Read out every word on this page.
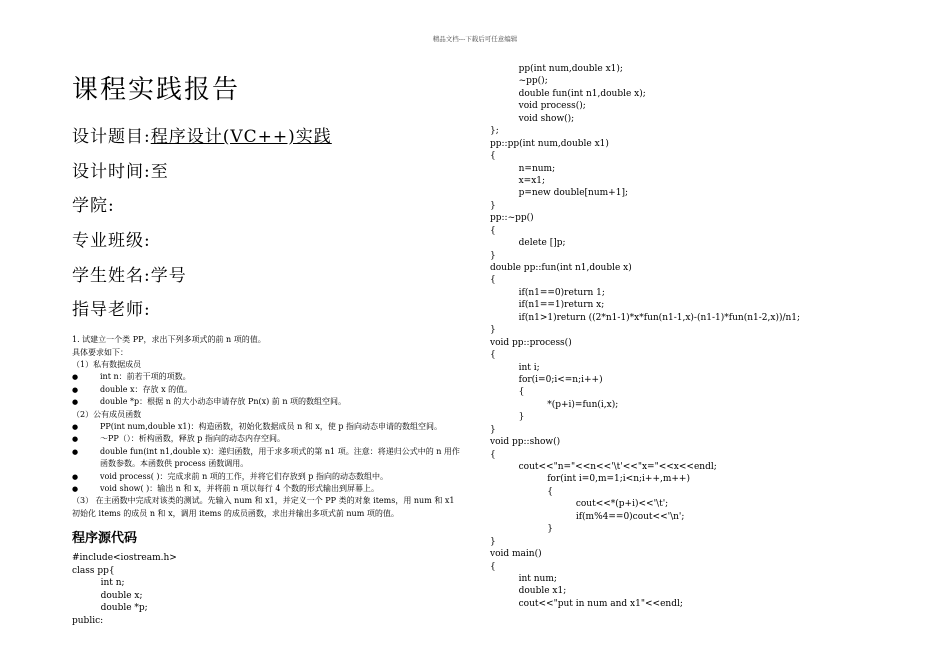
精品文档---下载后可任意编辑
课程实践报告
设计题目:程序设计(VC++)实践
设计时间:至
学院:
专业班级:
学生姓名:学号
指导老师:

1. 试建立一个类 PP，求出下列多项式的前 n 项的值。

具体要求如下：

（1）私有数据成员

● int n：前若干项的项数。

● double x：存放 x 的值。

● double *p：根据 n 的大小动态申请存放 Pn(x) 前 n 项的数组空间。

（2）公有成员函数

● PP(int num,double x1)：构造函数，初始化数据成员 n 和 x，使 p 指向动态申请的数组空间。

● ～PP（）：析构函数，释放 p 指向的动态内存空间。

● double fun(int n1,double x)：递归函数，用于求多项式的第 n1 项。注意：将递归公式中的 n 用作函数参数。本函数供 process 函数调用。

● void process( )：完成求前 n 项的工作，并将它们存放到 p 指向的动态数组中。

● void show( )：输出 n 和 x，并将前 n 项以每行 4 个数的形式输出到屏幕上。

（3） 在主函数中完成对该类的测试。先输入 num 和 x1，并定义一个 PP 类的对象 items，用 num 和 x1 初始化 items 的成员 n 和 x，调用 items 的成员函数，求出并输出多项式前 num 项的值。

程序源代码
#include<iostream.h>
class pp{
int n;
double x;
double *p;
public:
pp(int num,double x1);
~pp();
double fun(int n1,double x);
void process();
void show();
};
pp::pp(int num,double x1)
{
n=num;
x=x1;
p=new double[num+1];
}
pp::~pp()
{
delete []p;
}
double pp::fun(int n1,double x)
{
if(n1==0)return 1;
if(n1==1)return x;
if(n1>1)return ((2*n1-1)*x*fun(n1-1,x)-(n1-1)*fun(n1-2,x))/n1;
}
void pp::process()
{
int i;
for(i=0;i<=n;i++)
{
*(p+i)=fun(i,x);
}
}
void pp::show()
{
cout<<"n="<<n<<'\t'<<"x="<<x<<endl;
for(int i=0,m=1;i<n;i++,m++)
{
cout<<*(p+i)<<'\t';
if(m%4==0)cout<<'\n';
}
}
void main()
{
int num;
double x1;
cout<<"put in num and x1"<<endl;
